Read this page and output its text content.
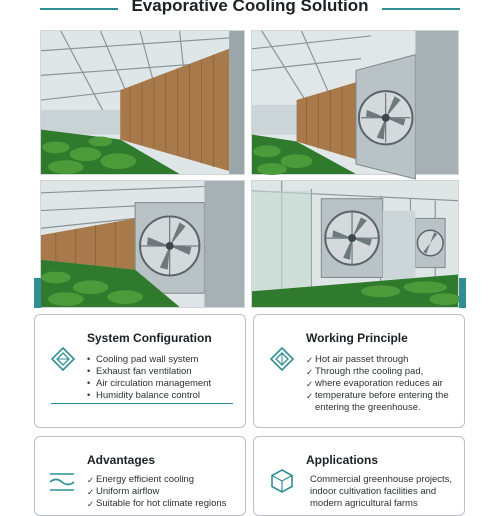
Evaporative Cooling Solution
System Configuration
• Cooling pad wall system
• Exhaust fan ventilation
• Air circulation management
• Humidity balance control
Working Principle
✓ Hot air passet through
✓ Through rthe cooling pad,
✓ where evaporation reduces air
✓ temperature before entering the
entering the greenhouse.
Advantages
✓ Energy efficient cooling
✓ Uniform airflow
✓ Suitable for hot climate regions
Applications
Commercial greenhouse projects,
indoor cultivation facilities and
modern agricultural farms
